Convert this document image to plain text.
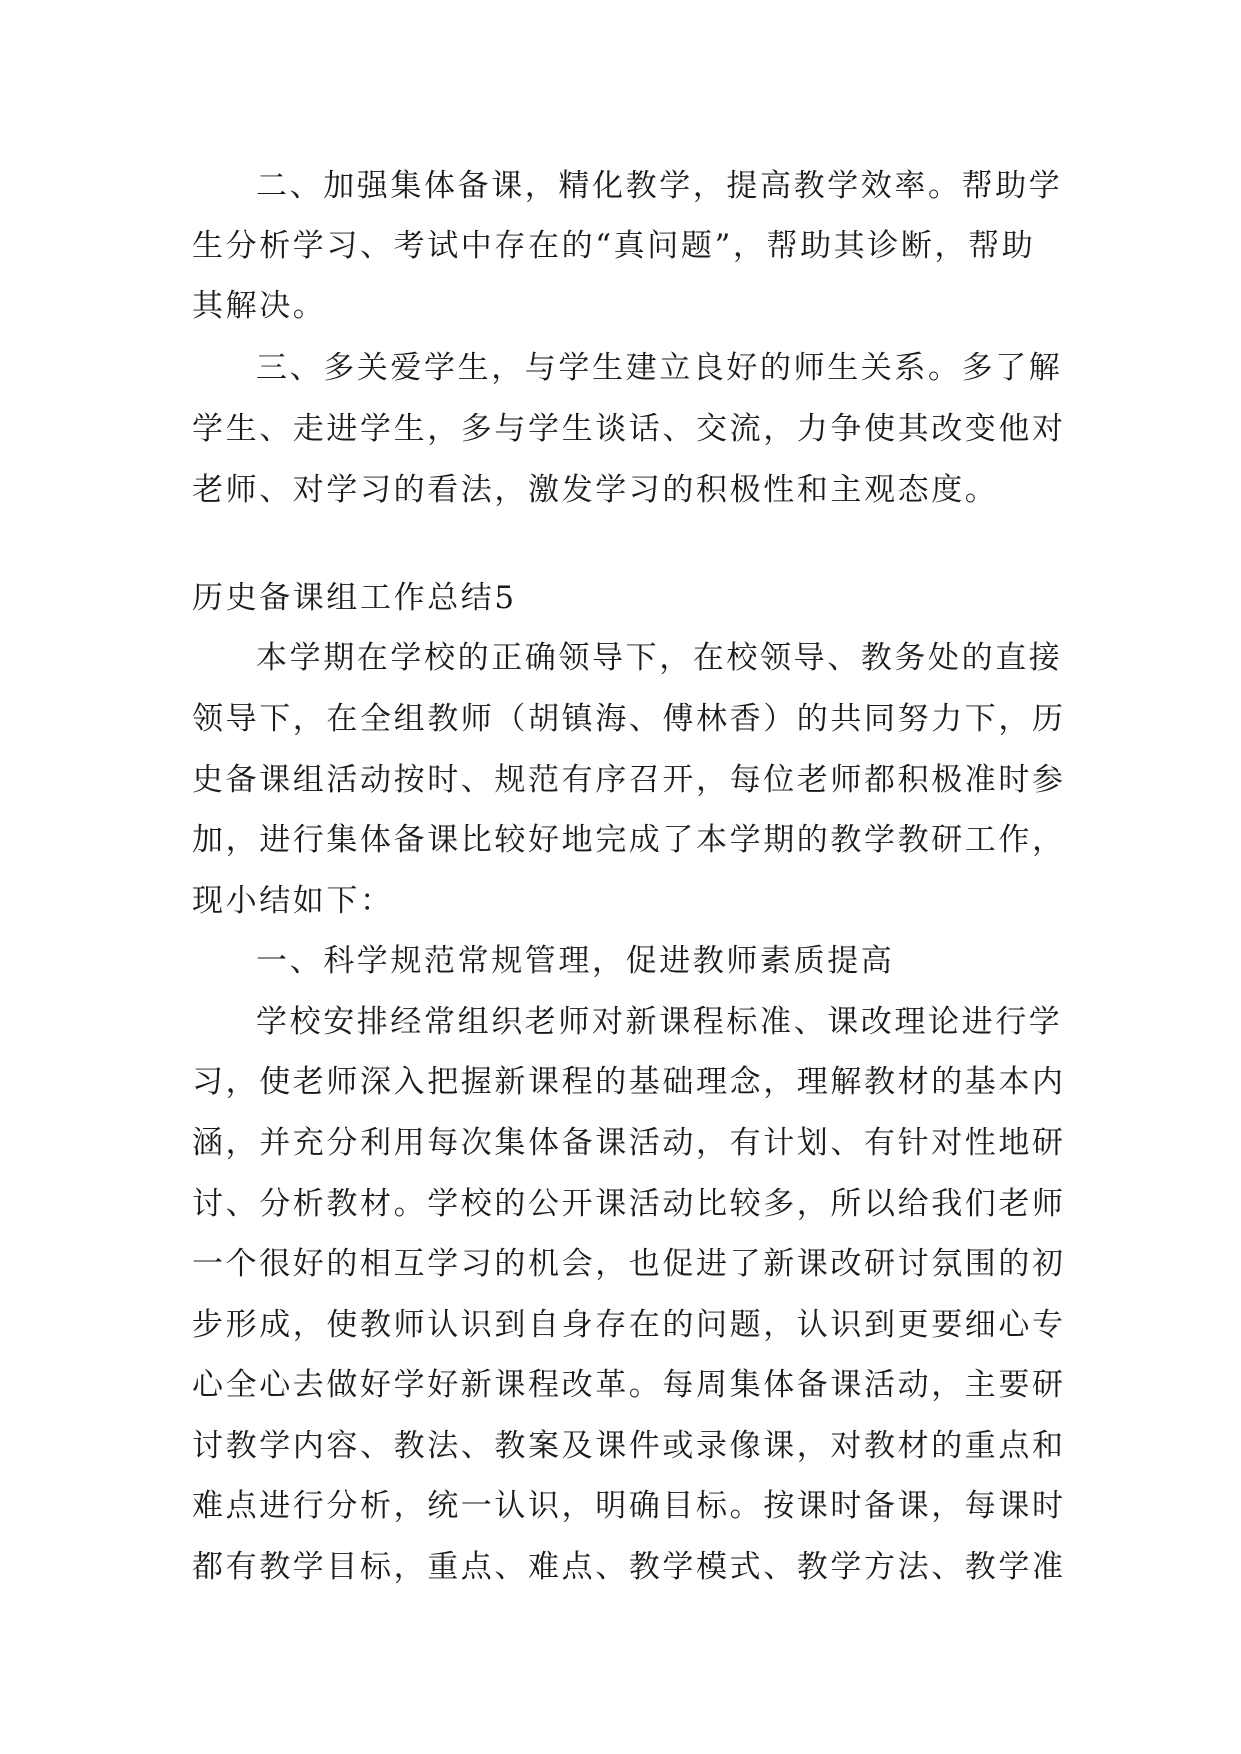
二、加强集体备课，精化教学，提高教学效率。帮助学
生分析学习、考试中存在的“真问题”，帮助其诊断，帮助
其解决。
三、多关爱学生，与学生建立良好的师生关系。多了解
学生、走进学生，多与学生谈话、交流，力争使其改变他对
老师、对学习的看法，激发学习的积极性和主观态度。
历史备课组工作总结5
本学期在学校的正确领导下，在校领导、教务处的直接
领导下，在全组教师（胡镇海、傅林香）的共同努力下，历
史备课组活动按时、规范有序召开，每位老师都积极准时参
加，进行集体备课比较好地完成了本学期的教学教研工作，
现小结如下：
一、科学规范常规管理，促进教师素质提高
学校安排经常组织老师对新课程标准、课改理论进行学
习，使老师深入把握新课程的基础理念，理解教材的基本内
涵，并充分利用每次集体备课活动，有计划、有针对性地研
讨、分析教材。学校的公开课活动比较多，所以给我们老师
一个很好的相互学习的机会，也促进了新课改研讨氛围的初
步形成，使教师认识到自身存在的问题，认识到更要细心专
心全心去做好学好新课程改革。每周集体备课活动，主要研
讨教学内容、教法、教案及课件或录像课，对教材的重点和
难点进行分析，统一认识，明确目标。按课时备课，每课时
都有教学目标，重点、难点、教学模式、教学方法、教学准
